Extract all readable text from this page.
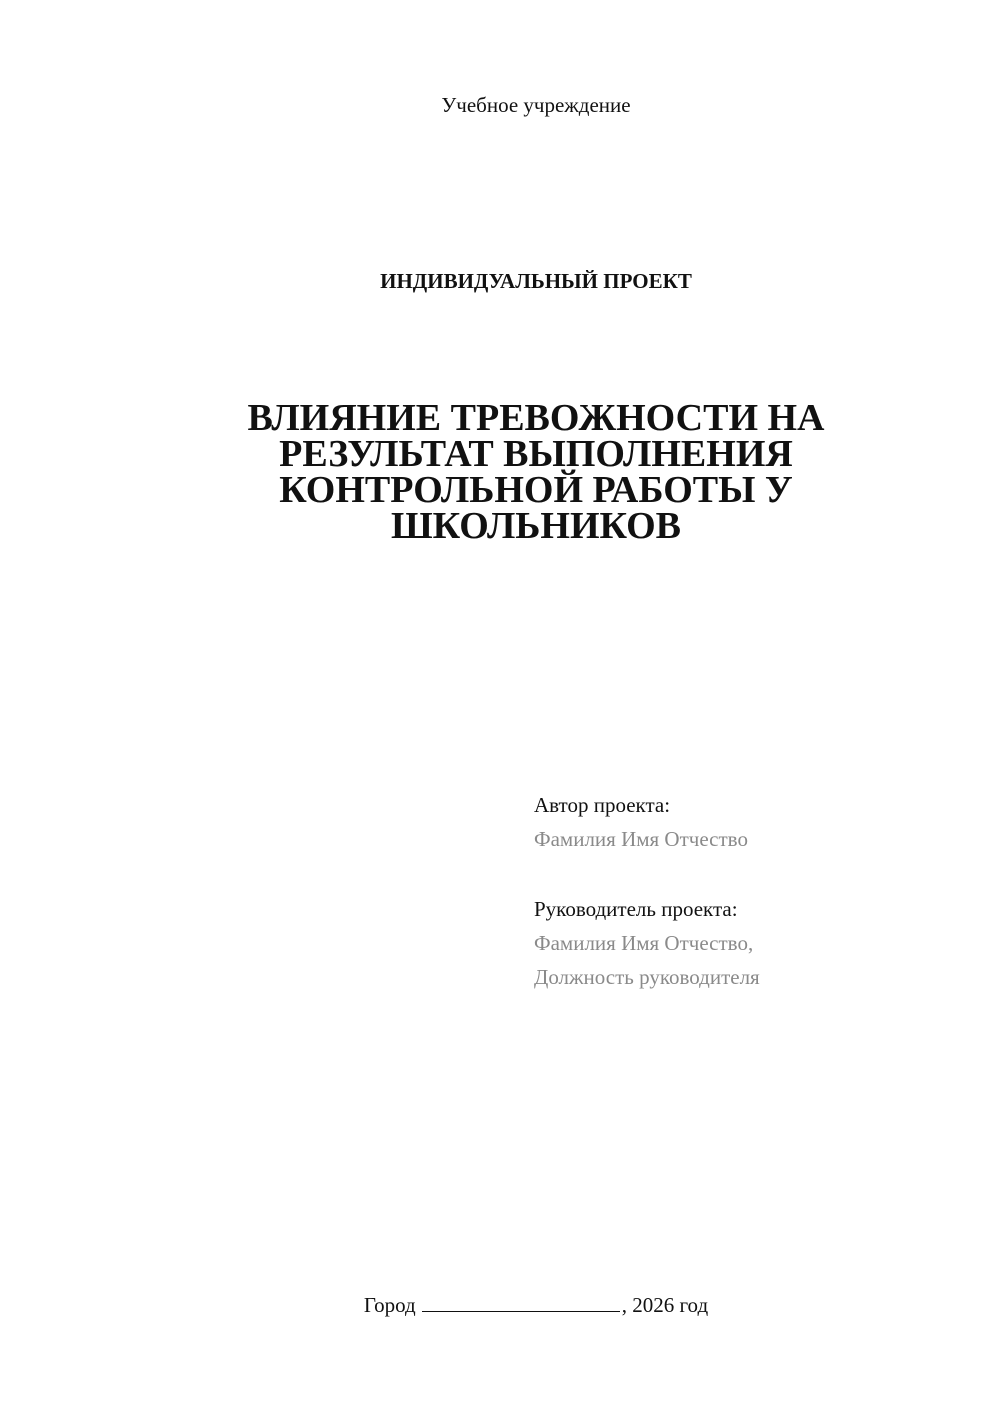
Учебное учреждение
ИНДИВИДУАЛЬНЫЙ ПРОЕКТ
ВЛИЯНИЕ ТРЕВОЖНОСТИ НА
РЕЗУЛЬТАТ ВЫПОЛНЕНИЯ
КОНТРОЛЬНОЙ РАБОТЫ У
ШКОЛЬНИКОВ

Автор проекта:

Фамилия Имя Отчество

Руководитель проекта:

Фамилия Имя Отчество,

Должность руководителя

Город	, 2026 год
